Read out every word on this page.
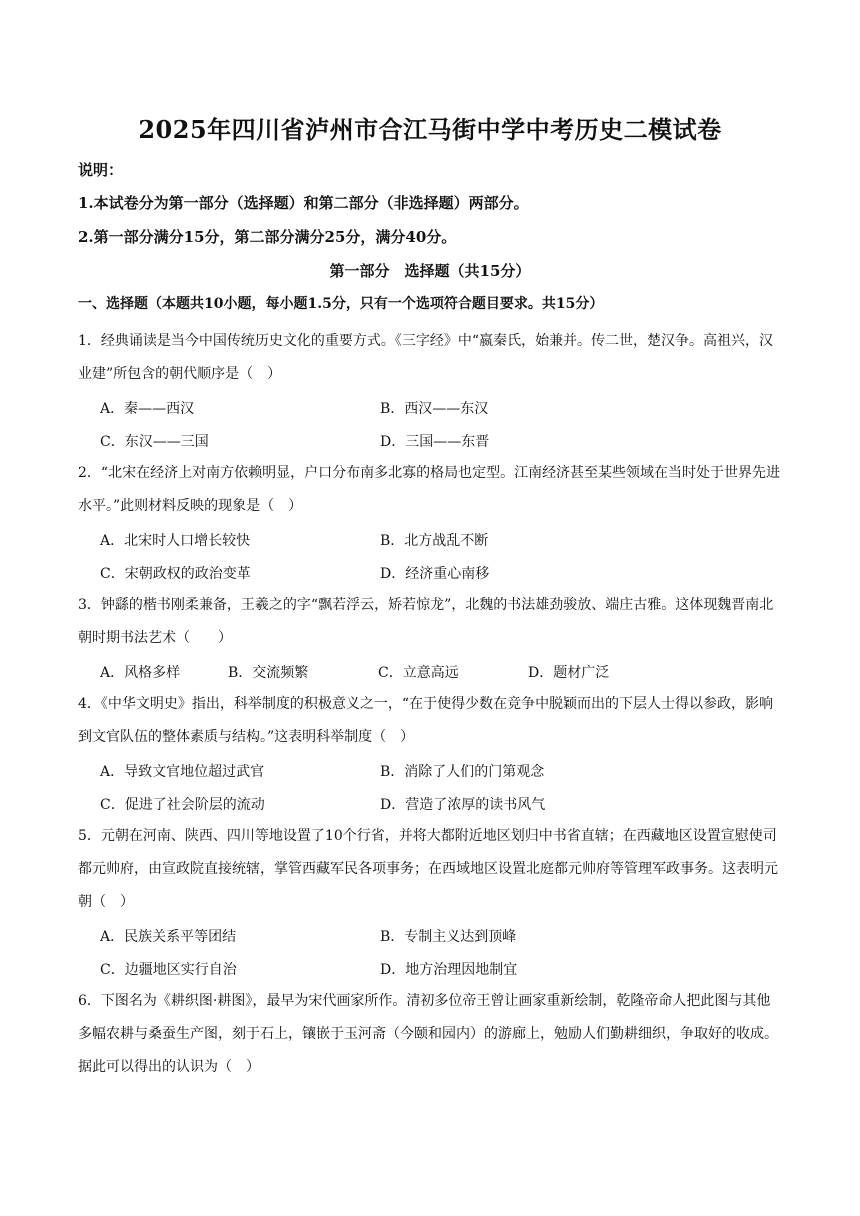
2025年四川省泸州市合江马街中学中考历史二模试卷
说明：
1.本试卷分为第一部分（选择题）和第二部分（非选择题）两部分。
2.第一部分满分15分，第二部分满分25分，满分40分。
第一部分　选择题（共15分）
一、选择题（本题共10小题，每小题1.5分，只有一个选项符合题目要求。共15分）
1．经典诵读是当今中国传统历史文化的重要方式。《三字经》中“嬴秦氏，始兼并。传二世，楚汉争。高祖兴，汉业建”所包含的朝代顺序是（　）
A．秦——西汉	B．西汉——东汉
C．东汉——三国	D．三国——东晋
2．“北宋在经济上对南方依赖明显，户口分布南多北寡的格局也定型。江南经济甚至某些领域在当时处于世界先进水平。”此则材料反映的现象是（　）
A．北宋时人口增长较快	B．北方战乱不断
C．宋朝政权的政治变革	D．经济重心南移
3．钟繇的楷书刚柔兼备，王羲之的字“飘若浮云，矫若惊龙”，北魏的书法雄劲骏放、端庄古雅。这体现魏晋南北朝时期书法艺术（　　）
A．风格多样	B．交流频繁	C．立意高远	D．题材广泛
4．《中华文明史》指出，科举制度的积极意义之一，“在于使得少数在竞争中脱颖而出的下层人士得以参政，影响到文官队伍的整体素质与结构。”这表明科举制度（　）
A．导致文官地位超过武官	B．消除了人们的门第观念
C．促进了社会阶层的流动	D．营造了浓厚的读书风气
5．元朝在河南、陕西、四川等地设置了10个行省，并将大都附近地区划归中书省直辖；在西藏地区设置宣慰使司都元帅府，由宣政院直接统辖，掌管西藏军民各项事务；在西域地区设置北庭都元帅府等管理军政事务。这表明元朝（　）
A．民族关系平等团结	B．专制主义达到顶峰
C．边疆地区实行自治	D．地方治理因地制宜
6．下图名为《耕织图·耕图》，最早为宋代画家所作。清初多位帝王曾让画家重新绘制，乾隆帝命人把此图与其他多幅农耕与桑蚕生产图，刻于石上，镶嵌于玉河斋（今颐和园内）的游廊上，勉励人们勤耕细织，争取好的收成。据此可以得出的认识为（　）
